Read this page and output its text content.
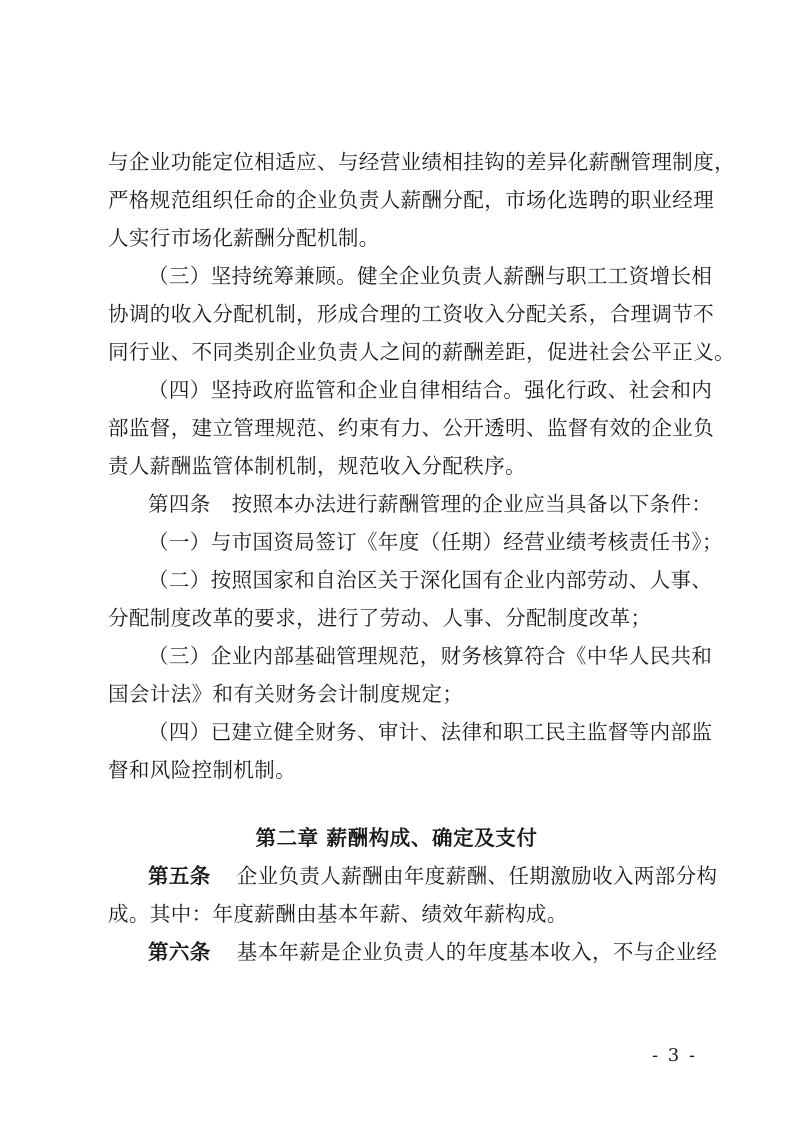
与企业功能定位相适应、与经营业绩相挂钩的差异化薪酬管理制度，
严格规范组织任命的企业负责人薪酬分配，市场化选聘的职业经理
人实行市场化薪酬分配机制。
（三）坚持统筹兼顾。健全企业负责人薪酬与职工工资增长相
协调的收入分配机制，形成合理的工资收入分配关系，合理调节不
同行业、不同类别企业负责人之间的薪酬差距，促进社会公平正义。
（四）坚持政府监管和企业自律相结合。强化行政、社会和内
部监督，建立管理规范、约束有力、公开透明、监督有效的企业负
责人薪酬监管体制机制，规范收入分配秩序。
第四条　按照本办法进行薪酬管理的企业应当具备以下条件：
（一）与市国资局签订《年度（任期）经营业绩考核责任书》；
（二）按照国家和自治区关于深化国有企业内部劳动、人事、
分配制度改革的要求，进行了劳动、人事、分配制度改革；
（三）企业内部基础管理规范，财务核算符合《中华人民共和
国会计法》和有关财务会计制度规定；
（四）已建立健全财务、审计、法律和职工民主监督等内部监
督和风险控制机制。
第二章 薪酬构成、确定及支付
第五条 企业负责人薪酬由年度薪酬、任期激励收入两部分构
成。其中：年度薪酬由基本年薪、绩效年薪构成。
第六条 基本年薪是企业负责人的年度基本收入，不与企业经
- 3 -
